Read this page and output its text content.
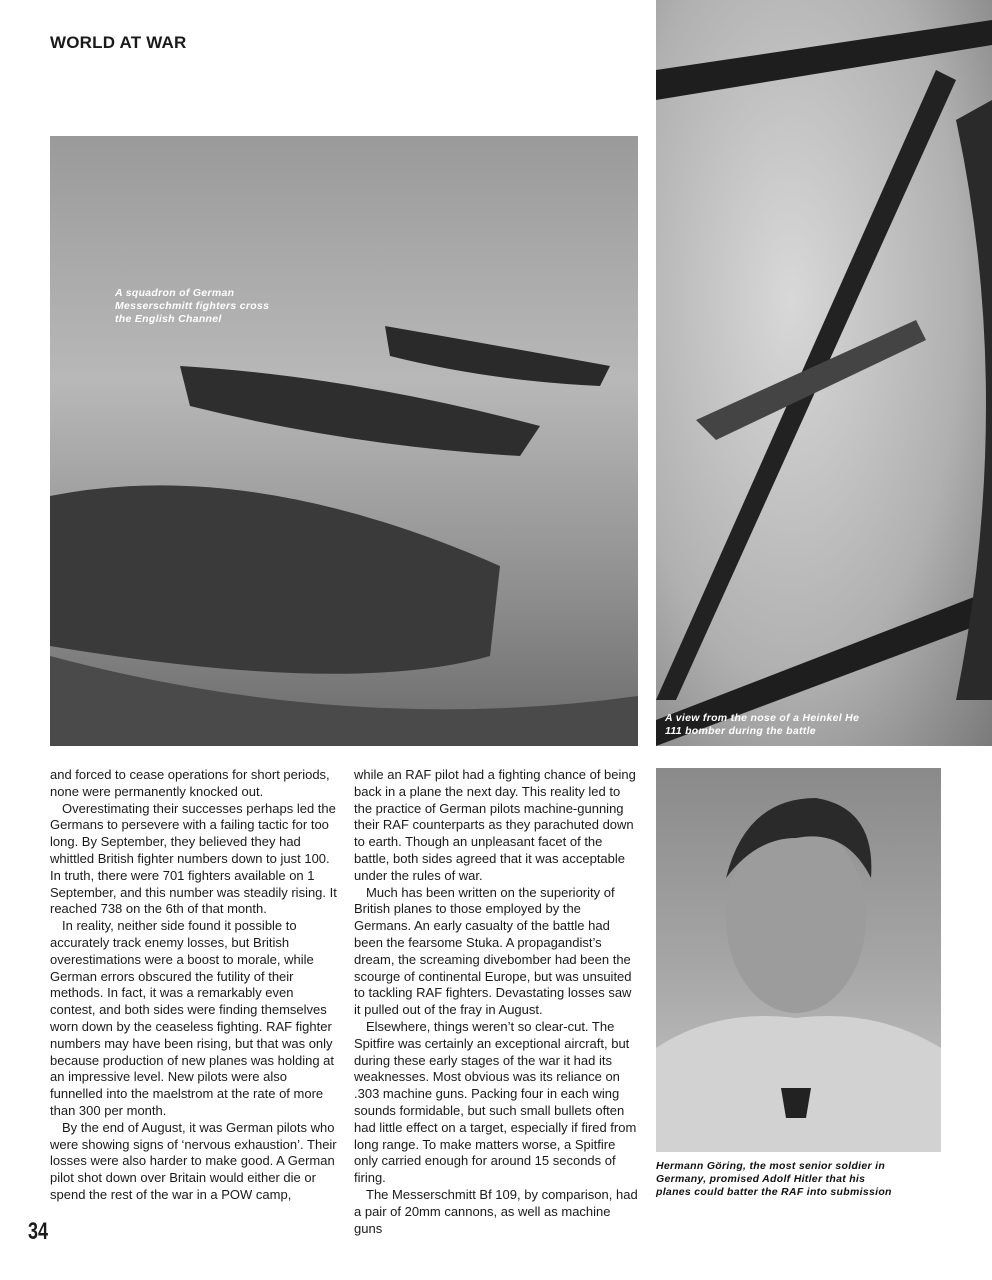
WORLD AT WAR
A squadron of German Messerschmitt fighters cross the English Channel
A view from the nose of a Heinkel He 111 bomber during the battle
Hermann Göring, the most senior soldier in Germany, promised Adolf Hitler that his planes could batter the RAF into submission

and forced to cease operations for short periods, none were permanently knocked out.

Overestimating their successes perhaps led the Germans to persevere with a failing tactic for too long. By September, they believed they had whittled British fighter numbers down to just 100. In truth, there were 701 fighters available on 1 September, and this number was steadily rising. It reached 738 on the 6th of that month.

In reality, neither side found it possible to accurately track enemy losses, but British overestimations were a boost to morale, while German errors obscured the futility of their methods. In fact, it was a remarkably even contest, and both sides were finding themselves worn down by the ceaseless fighting. RAF fighter numbers may have been rising, but that was only because production of new planes was holding at an impressive level. New pilots were also funnelled into the maelstrom at the rate of more than 300 per month.

By the end of August, it was German pilots who were showing signs of ‘nervous exhaustion’. Their losses were also harder to make good. A German pilot shot down over Britain would either die or spend the rest of the war in a POW camp,

while an RAF pilot had a fighting chance of being back in a plane the next day. This reality led to the practice of German pilots machine-gunning their RAF counterparts as they parachuted down to earth. Though an unpleasant facet of the battle, both sides agreed that it was acceptable under the rules of war.

Much has been written on the superiority of British planes to those employed by the Germans. An early casualty of the battle had been the fearsome Stuka. A propagandist’s dream, the screaming divebomber had been the scourge of continental Europe, but was unsuited to tackling RAF fighters. Devastating losses saw it pulled out of the fray in August.

Elsewhere, things weren’t so clear-cut. The Spitfire was certainly an exceptional aircraft, but during these early stages of the war it had its weaknesses. Most obvious was its reliance on .303 machine guns. Packing four in each wing sounds formidable, but such small bullets often had little effect on a target, especially if fired from long range. To make matters worse, a Spitfire only carried enough for around 15 seconds of firing.

The Messerschmitt Bf 109, by comparison, had a pair of 20mm cannons, as well as machine guns

34
